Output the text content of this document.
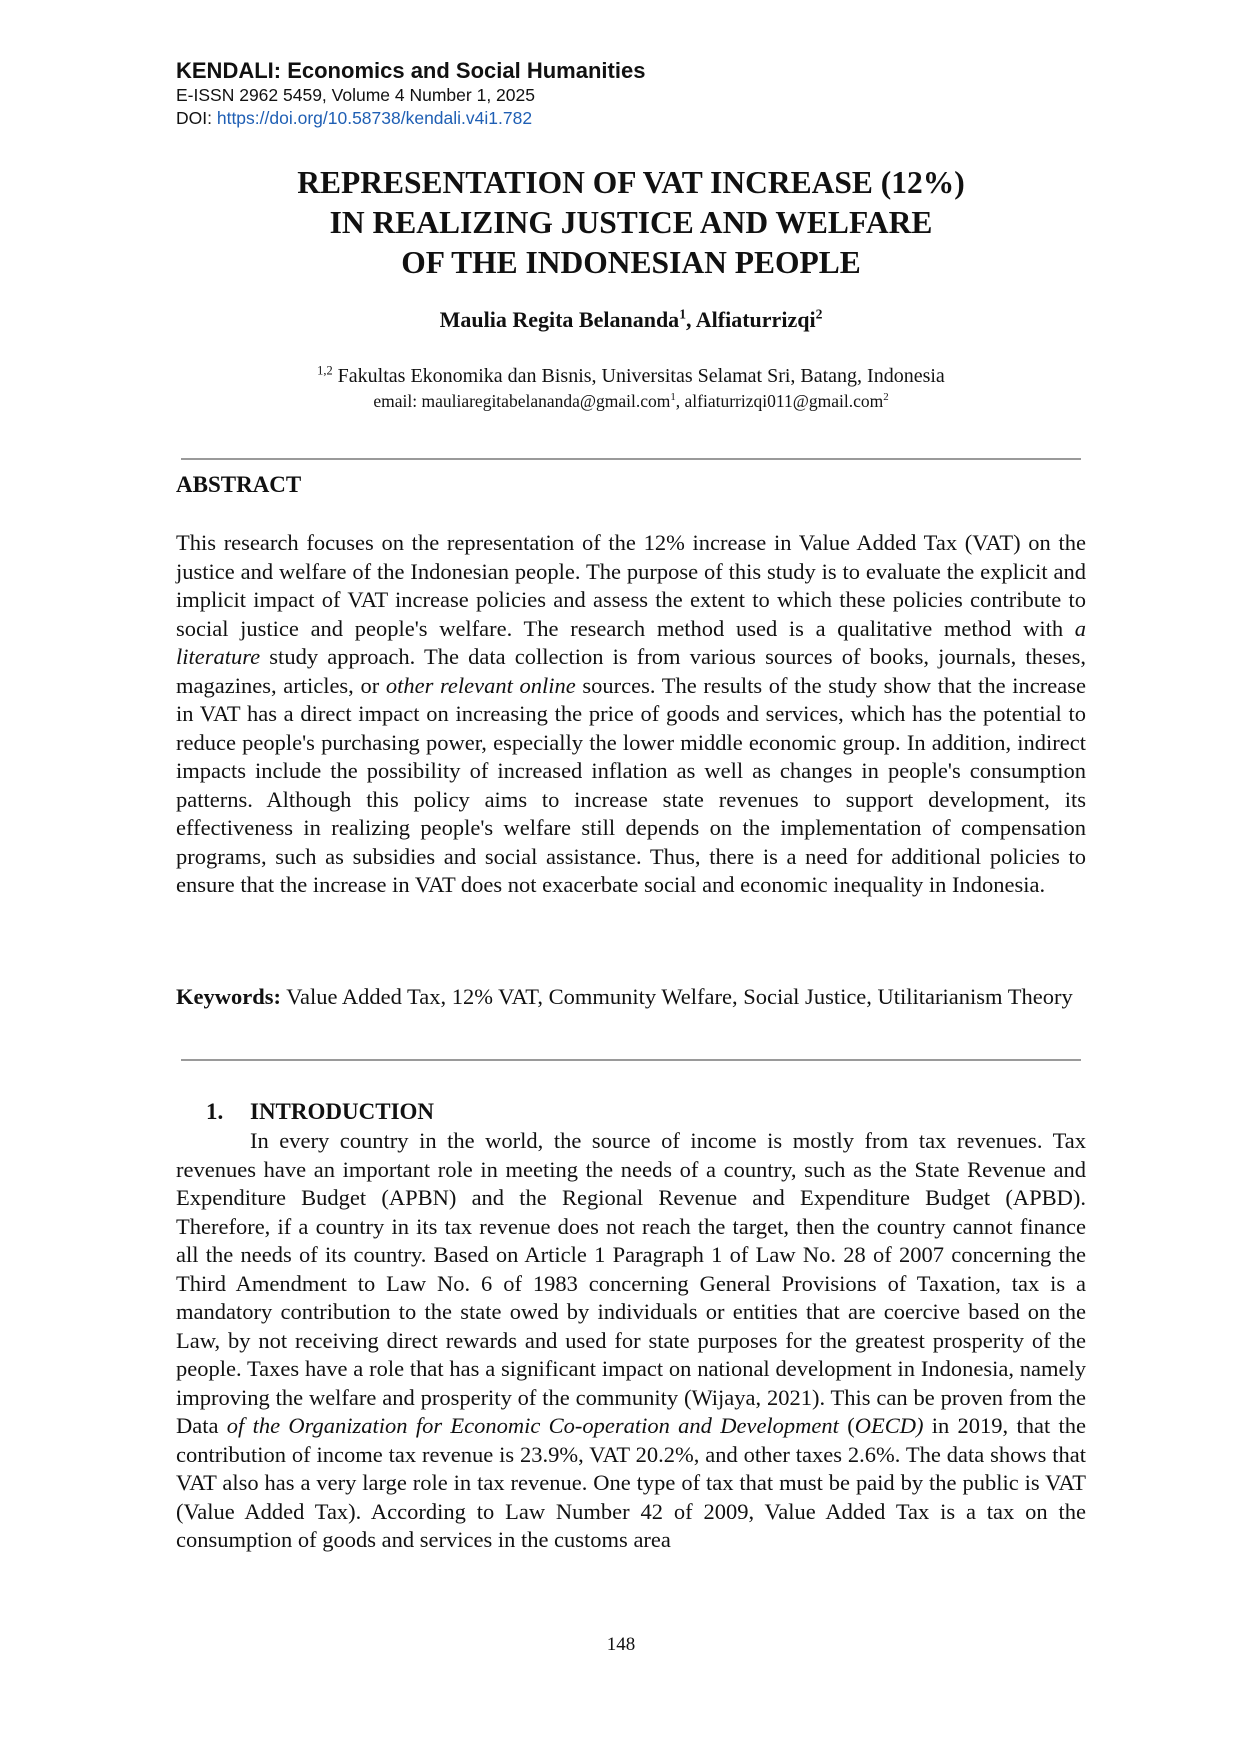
KENDALI: Economics and Social Humanities
E-ISSN 2962 5459, Volume 4 Number 1, 2025
DOI: https://doi.org/10.58738/kendali.v4i1.782
REPRESENTATION OF VAT INCREASE (12%)
IN REALIZING JUSTICE AND WELFARE
OF THE INDONESIAN PEOPLE
Maulia Regita Belananda$^1$, Alfiaturrizqi$^2$
$^{1,2}$ Fakultas Ekonomika dan Bisnis, Universitas Selamat Sri, Batang, Indonesia
email: mauliaregitabelananda@gmail.com$^1$, alfiaturrizqi011@gmail.com$^2$
ABSTRACT
This research focuses on the representation of the 12% increase in Value Added Tax (VAT) on the justice and welfare of the Indonesian people. The purpose of this study is to evaluate the explicit and implicit impact of VAT increase policies and assess the extent to which these policies contribute to social justice and people's welfare. The research method used is a qualitative method with a literature study approach. The data collection is from various sources of books, journals, theses, magazines, articles, or other relevant online sources. The results of the study show that the increase in VAT has a direct impact on increasing the price of goods and services, which has the potential to reduce people's purchasing power, especially the lower middle economic group. In addition, indirect impacts include the possibility of increased inflation as well as changes in people's consumption patterns. Although this policy aims to increase state revenues to support development, its effectiveness in realizing people's welfare still depends on the implementation of compensation programs, such as subsidies and social assistance. Thus, there is a need for additional policies to ensure that the increase in VAT does not exacerbate social and economic inequality in Indonesia.
Keywords: Value Added Tax, 12% VAT, Community Welfare, Social Justice, Utilitarianism Theory
1. INTRODUCTION
In every country in the world, the source of income is mostly from tax revenues. Tax revenues have an important role in meeting the needs of a country, such as the State Revenue and Expenditure Budget (APBN) and the Regional Revenue and Expenditure Budget (APBD). Therefore, if a country in its tax revenue does not reach the target, then the country cannot finance all the needs of its country. Based on Article 1 Paragraph 1 of Law No. 28 of 2007 concerning the Third Amendment to Law No. 6 of 1983 concerning General Provisions of Taxation, tax is a mandatory contribution to the state owed by individuals or entities that are coercive based on the Law, by not receiving direct rewards and used for state purposes for the greatest prosperity of the people. Taxes have a role that has a significant impact on national development in Indonesia, namely improving the welfare and prosperity of the community (Wijaya, 2021). This can be proven from the Data of the Organization for Economic Co-operation and Development (OECD) in 2019, that the contribution of income tax revenue is 23.9%, VAT 20.2%, and other taxes 2.6%. The data shows that VAT also has a very large role in tax revenue. One type of tax that must be paid by the public is VAT (Value Added Tax). According to Law Number 42 of 2009, Value Added Tax is a tax on the consumption of goods and services in the customs area
148
